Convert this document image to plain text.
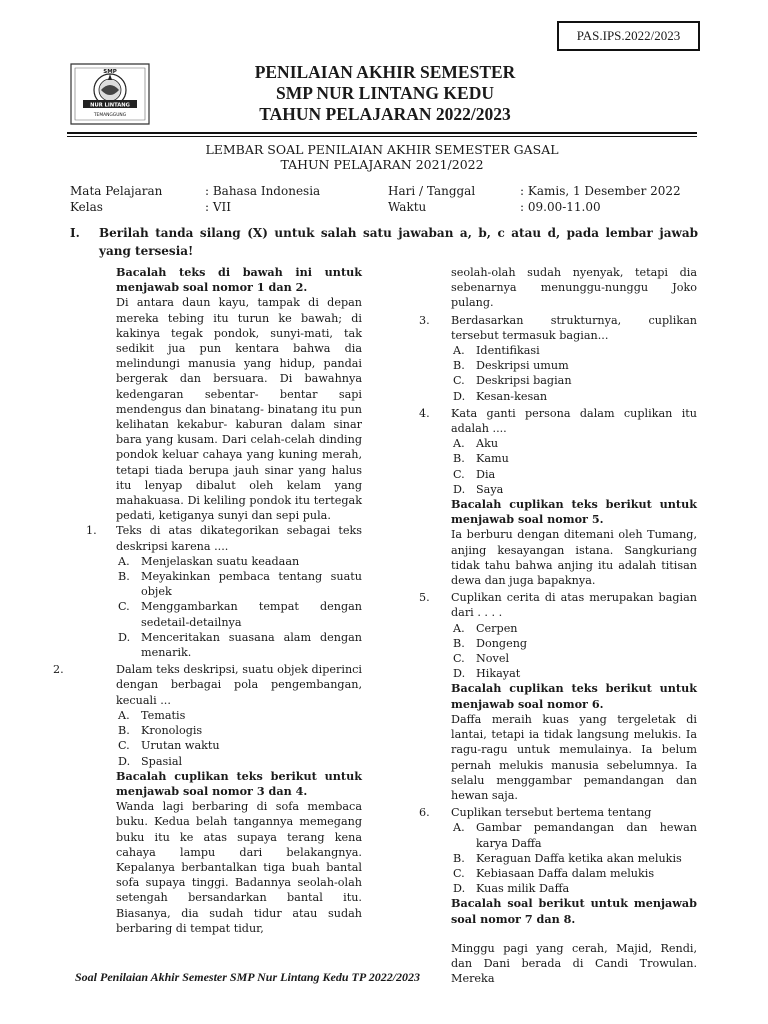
PAS.IPS.2022/2023
SMP
NUR LINTANG
TEMANGGUNG
PENILAIAN AKHIR SEMESTER
SMP NUR LINTANG KEDU
TAHUN PELAJARAN 2022/2023
LEMBAR SOAL PENILAIAN AKHIR SEMESTER GASAL
TAHUN PELAJARAN 2021/2022
Mata Pelajaran	: Bahasa Indonesia
Kelas	: VII
Hari / Tanggal	: Kamis, 1 Desember 2022
Waktu	: 09.00-11.00
I. Berilah tanda silang (X) untuk salah satu jawaban a, b, c atau d, pada lembar jawab yang tersesia!
Bacalah teks di bawah ini untuk menjawab soal nomor 1 dan 2.
Di antara daun kayu, tampak di depan mereka tebing itu turun ke bawah; di kakinya tegak pondok, sunyi-mati, tak sedikit jua pun kentara bahwa dia melindungi manusia yang hidup, pandai bergerak dan bersuara. Di bawahnya kedengaran sebentar- bentar sapi mendengus dan binatang- binatang itu pun kelihatan kekabur- kaburan dalam sinar bara yang kusam. Dari celah-celah dinding pondok keluar cahaya yang kuning merah, tetapi tiada berupa jauh sinar yang halus itu lenyap dibalut oleh kelam yang mahakuasa. Di keliling pondok itu tertegak pedati, ketiganya sunyi dan sepi pula.
1. Teks di atas dikategorikan sebagai teks deskripsi karena ....
A. Menjelaskan suatu keadaan
B. Meyakinkan pembaca tentang suatu objek
C. Menggambarkan tempat dengan sedetail-detailnya
D. Menceritakan suasana alam dengan menarik.
2.	Dalam teks deskripsi, suatu objek diperinci dengan berbagai pola pengembangan, kecuali ...
A. Tematis
B. Kronologis
C. Urutan waktu
D. Spasial
Bacalah cuplikan teks berikut untuk menjawab soal nomor 3 dan 4.
Wanda lagi berbaring di sofa membaca buku. Kedua belah tangannya memegang buku itu ke atas supaya terang kena cahaya lampu dari belakangnya. Kepalanya berbantalkan tiga buah bantal sofa supaya tinggi. Badannya seolah-olah setengah bersandarkan bantal itu. Biasanya, dia sudah tidur atau sudah berbaring di tempat tidur,
seolah-olah sudah nyenyak, tetapi dia sebenarnya menunggu-nunggu Joko pulang.
3. Berdasarkan strukturnya, cuplikan tersebut termasuk bagian...
A. Identifikasi
B. Deskripsi umum
C. Deskripsi bagian
D. Kesan-kesan
4. Kata ganti persona dalam cuplikan itu adalah ....
A. Aku
B. Kamu
C. Dia
D. Saya
Bacalah cuplikan teks berikut untuk menjawab soal nomor 5.
Ia berburu dengan ditemani oleh Tumang, anjing kesayangan istana. Sangkuriang tidak tahu bahwa anjing itu adalah titisan dewa dan juga bapaknya.
5. Cuplikan cerita di atas merupakan bagian dari . . . .
A. Cerpen
B. Dongeng
C. Novel
D. Hikayat
Bacalah cuplikan teks berikut untuk menjawab soal nomor 6.
Daffa meraih kuas yang tergeletak di lantai, tetapi ia tidak langsung melukis. Ia ragu-ragu untuk memulainya. Ia belum pernah melukis manusia sebelumnya. Ia selalu menggambar pemandangan dan hewan saja.
6. Cuplikan tersebut bertema tentang
A. Gambar pemandangan dan hewan karya Daffa
B. Keraguan Daffa ketika akan melukis
C. Kebiasaan Daffa dalam melukis
D. Kuas milik Daffa
Bacalah soal berikut untuk menjawab soal nomor 7 dan 8.
Minggu pagi yang cerah, Majid, Rendi, dan Dani berada di Candi Trowulan. Mereka
Soal Penilaian Akhir Semester SMP Nur Lintang Kedu TP 2022/2023
